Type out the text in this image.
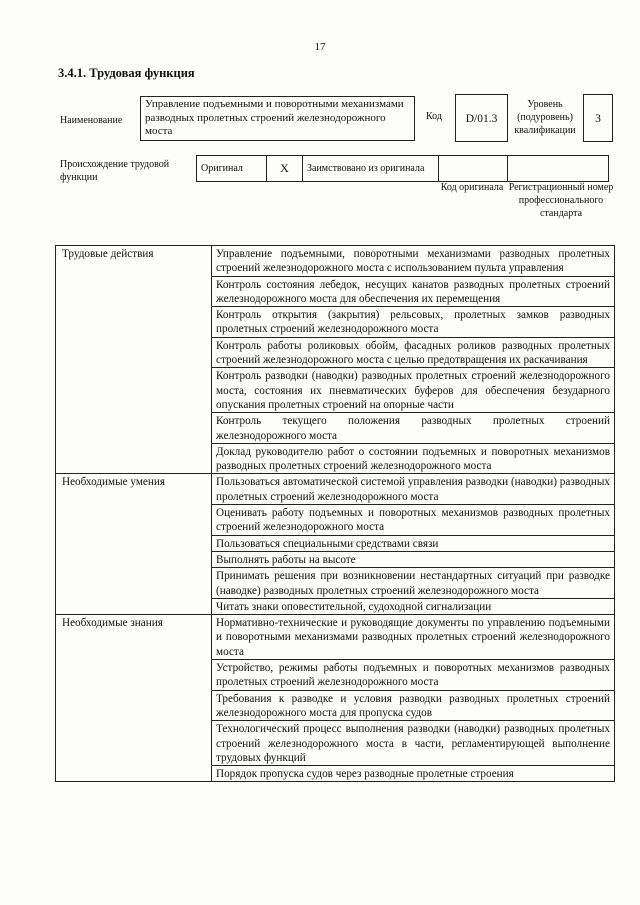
17
3.4.1. Трудовая функция
Наименование
Управление подъемными и поворотными механизмами разводных пролетных строений железнодорожного моста
Код	D/01.3
Уровень (подуровень) квалификации
3
Происхождение трудовой функции
Оригинал	X	Заимствовано из оригинала		
Код оригинала Регистрационный номер профессионального стандарта
Трудовые действия	Управление подъемными, поворотными механизмами разводных пролетных строений железнодорожного моста с использованием пульта управления
	Контроль состояния лебедок, несущих канатов разводных пролетных строений железнодорожного моста для обеспечения их перемещения
	Контроль открытия (закрытия) рельсовых, пролетных замков разводных пролетных строений железнодорожного моста
	Контроль работы роликовых обойм, фасадных роликов разводных пролетных строений железнодорожного моста с целью предотвращения их раскачивания
	Контроль разводки (наводки) разводных пролетных строений железнодорожного моста, состояния их пневматических буферов для обеспечения безударного опускания пролетных строений на опорные части
	Контроль текущего положения разводных пролетных строений железнодорожного моста
	Доклад руководителю работ о состоянии подъемных и поворотных механизмов разводных пролетных строений железнодорожного моста
Необходимые умения	Пользоваться автоматической системой управления разводки (наводки) разводных пролетных строений железнодорожного моста
	Оценивать работу подъемных и поворотных механизмов разводных пролетных строений железнодорожного моста
	Пользоваться специальными средствами связи
	Выполнять работы на высоте
	Принимать решения при возникновении нестандартных ситуаций при разводке (наводке) разводных пролетных строений железнодорожного моста
	Читать знаки оповестительной, судоходной сигнализации
Необходимые знания	Нормативно-технические и руководящие документы по управлению подъемными и поворотными механизмами разводных пролетных строений железнодорожного моста
	Устройство, режимы работы подъемных и поворотных механизмов разводных пролетных строений железнодорожного моста
	Требования к разводке и условия разводки разводных пролетных строений железнодорожного моста для пропуска судов
	Технологический процесс выполнения разводки (наводки) разводных пролетных строений железнодорожного моста в части, регламентирующей выполнение трудовых функций
	Порядок пропуска судов через разводные пролетные строения
